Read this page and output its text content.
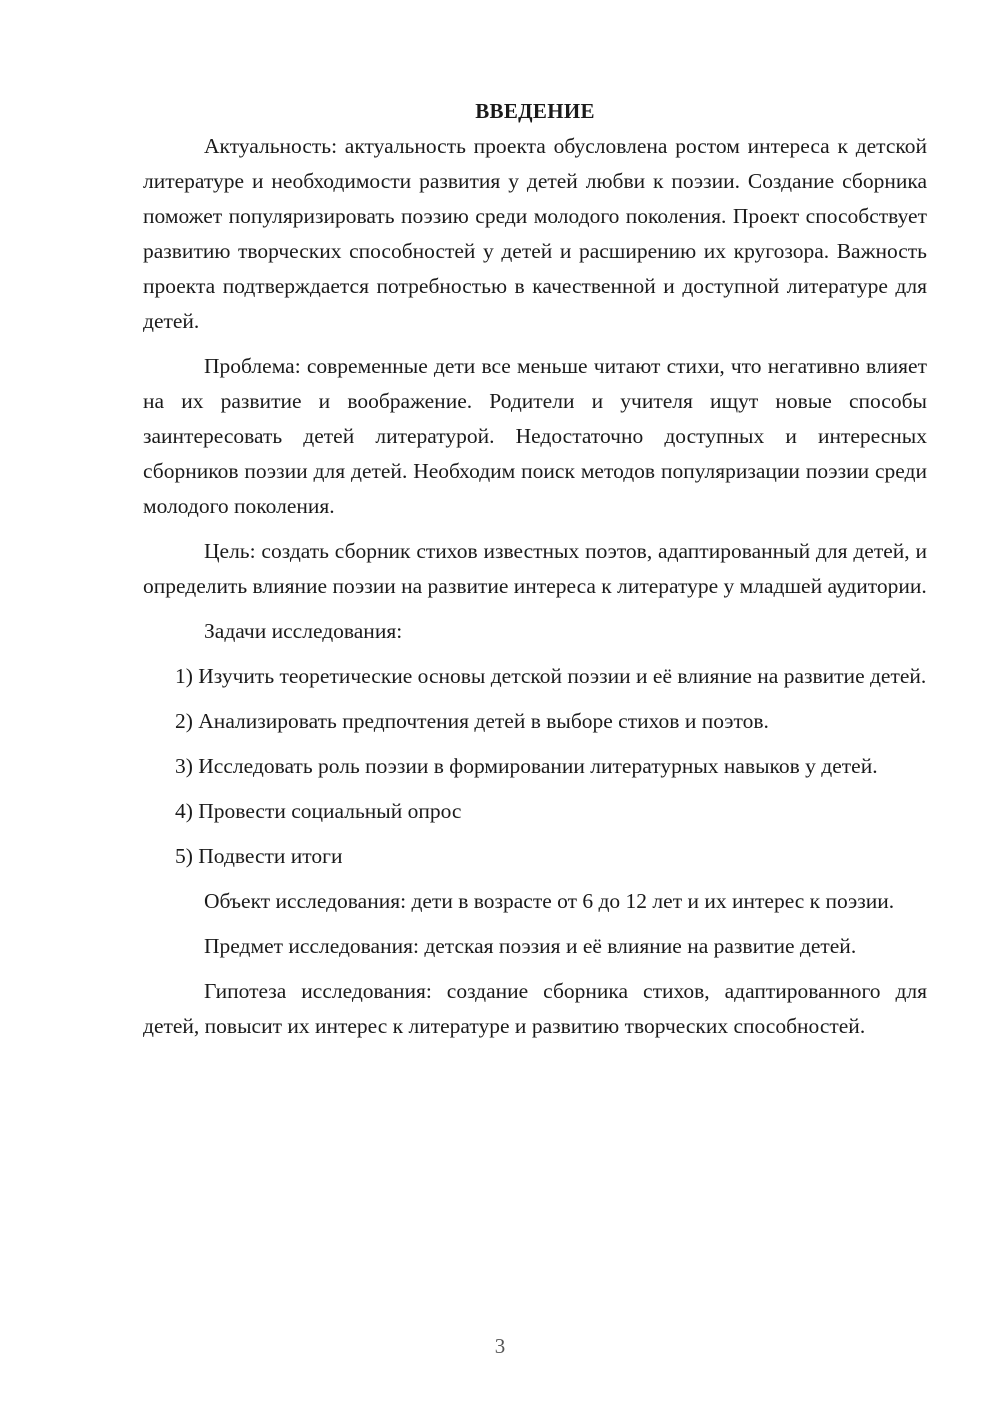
ВВЕДЕНИЕ

Актуальность: актуальность проекта обусловлена ростом интереса к детской литературе и необходимости развития у детей любви к поэзии. Создание сборника поможет популяризировать поэзию среди молодого поколения. Проект способствует развитию творческих способностей у детей и расширению их кругозора. Важность проекта подтверждается потребностью в качественной и доступной литературе для детей.

Проблема: современные дети все меньше читают стихи, что негативно влияет на их развитие и воображение. Родители и учителя ищут новые способы заинтересовать детей литературой. Недостаточно доступных и интересных сборников поэзии для детей. Необходим поиск методов популяризации поэзии среди молодого поколения.

Цель: создать сборник стихов известных поэтов, адаптированный для детей, и определить влияние поэзии на развитие интереса к литературе у младшей аудитории.

Задачи исследования:

1) Изучить теоретические основы детской поэзии и её влияние на развитие детей.

2) Анализировать предпочтения детей в выборе стихов и поэтов.

3) Исследовать роль поэзии в формировании литературных навыков у детей.

4) Провести социальный опрос

5) Подвести итоги

Объект исследования: дети в возрасте от 6 до 12 лет и их интерес к поэзии.

Предмет исследования: детская поэзия и её влияние на развитие детей.

Гипотеза исследования: создание сборника стихов, адаптированного для детей, повысит их интерес к литературе и развитию творческих способностей.

3
